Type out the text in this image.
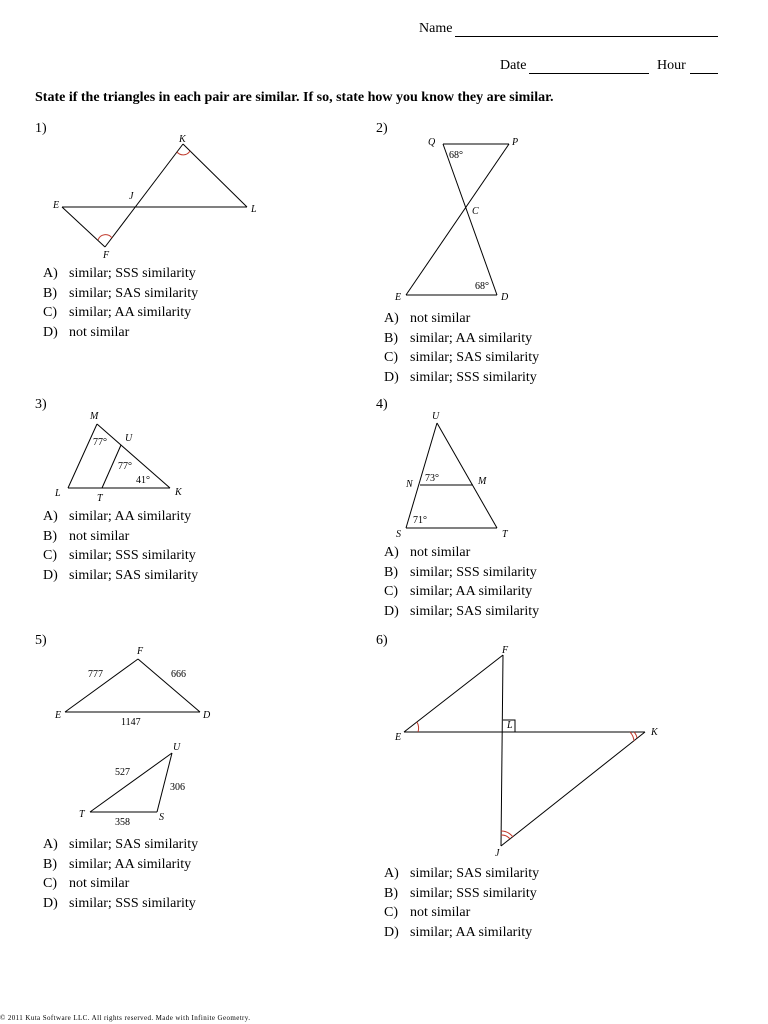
Name
Date	Hour
State if the triangles in each pair are similar. If so, state how you know they are similar.
1)
K
J
E	L
F
A) similar; SSS similarity
B) similar; SAS similarity
C) similar; AA similarity
D) not similar
2)
Q	P
C
E	D
68°
68°
A) not similar
B) similar; AA similarity
C) similar; SAS similarity
D) similar; SSS similarity
3)
M
U
L	T
K
77°
77°
41°
A) similar; AA similarity
B) not similar
C) similar; SSS similarity
D) similar; SAS similarity
4)
U
N	M
S	T
73°
71°
A) not similar
B) similar; SSS similarity
C) similar; AA similarity
D) similar; SAS similarity
5)
F
E	D
777	666
1147
U
T	S
527
306
358
A) similar; SAS similarity
B) similar; AA similarity
C) not similar
D) similar; SSS similarity
6)
F
L
E	K
J
A) similar; SAS similarity
B) similar; SSS similarity
C) not similar
D) similar; AA similarity
© 2011 Kuta Software LLC. All rights reserved. Made with Infinite Geometry.
